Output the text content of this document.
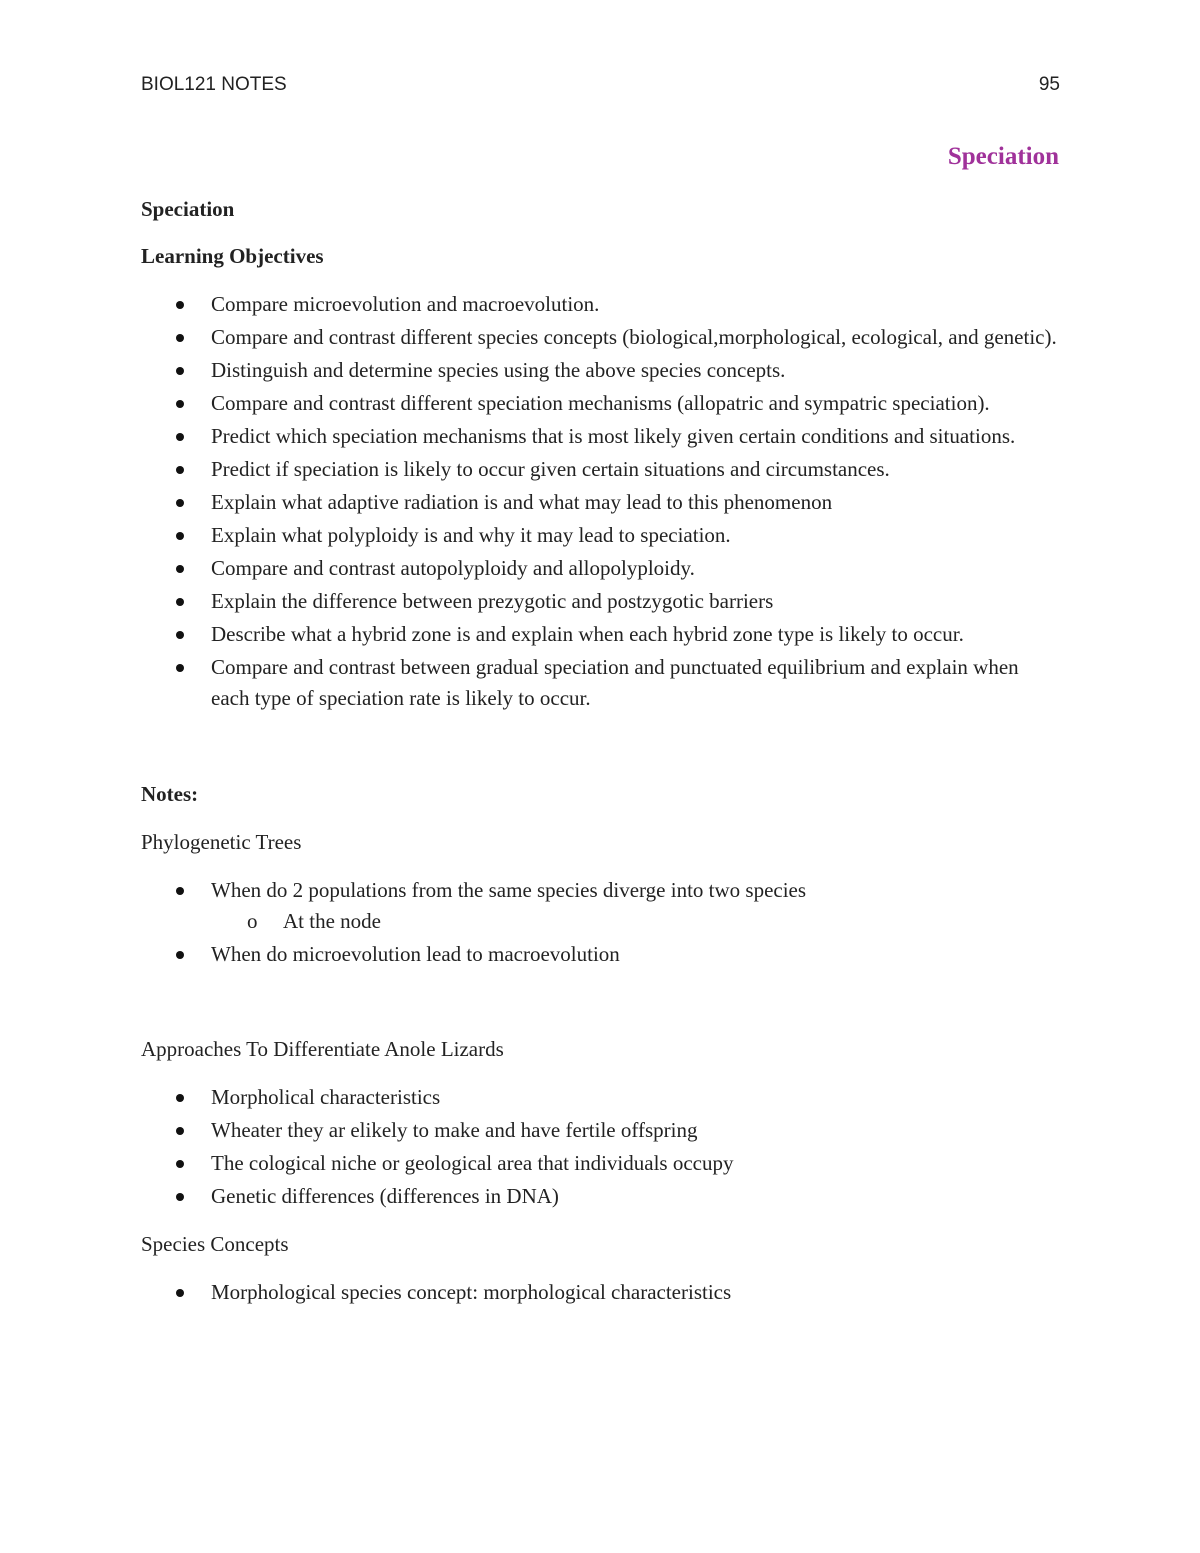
BIOL121 NOTES	95
Speciation

Speciation

Learning Objectives

Compare microevolution and macroevolution.
Compare and contrast different species concepts (biological,morphological, ecological, and genetic).
Distinguish and determine species using the above species concepts.
Compare and contrast different speciation mechanisms (allopatric and sympatric speciation).
Predict which speciation mechanisms that is most likely given certain conditions and situations.
Predict if speciation is likely to occur given certain situations and circumstances.
Explain what adaptive radiation is and what may lead to this phenomenon
Explain what polyploidy is and why it may lead to speciation.
Compare and contrast autopolyploidy and allopolyploidy.
Explain the difference between prezygotic and postzygotic barriers
Describe what a hybrid zone is and explain when each hybrid zone type is likely to occur.
Compare and contrast between gradual speciation and punctuated equilibrium and explain when each type of speciation rate is likely to occur.

Notes:

Phylogenetic Trees

When do 2 populations from the same species diverge into two species
o At the node
When do microevolution lead to macroevolution

Approaches To Differentiate Anole Lizards

Morpholical characteristics
Wheater they ar elikely to make and have fertile offspring
The cological niche or geological area that individuals occupy
Genetic differences (differences in DNA)

Species Concepts

Morphological species concept: morphological characteristics
